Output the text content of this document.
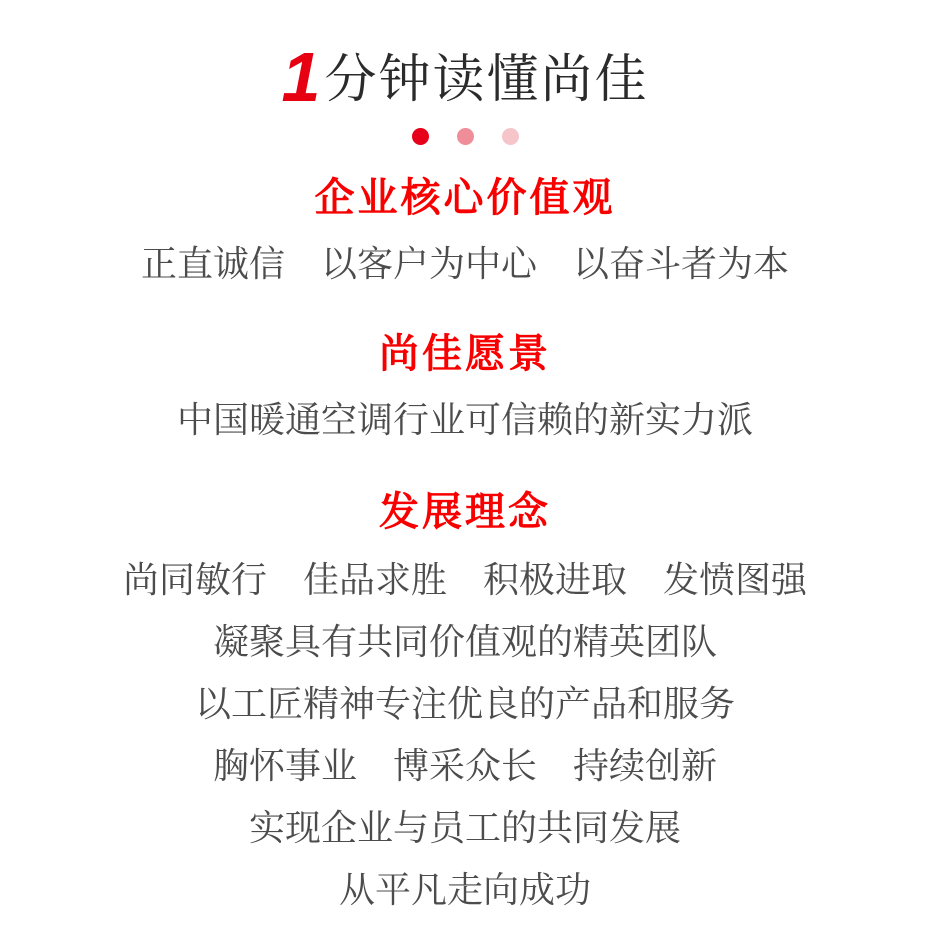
1分钟读懂尚佳
企业核心价值观

正直诚信　以客户为中心　以奋斗者为本

尚佳愿景

中国暖通空调行业可信赖的新实力派

发展理念

尚同敏行　佳品求胜　积极进取　发愤图强

凝聚具有共同价值观的精英团队

以工匠精神专注优良的产品和服务

胸怀事业　博采众长　持续创新

实现企业与员工的共同发展

从平凡走向成功
